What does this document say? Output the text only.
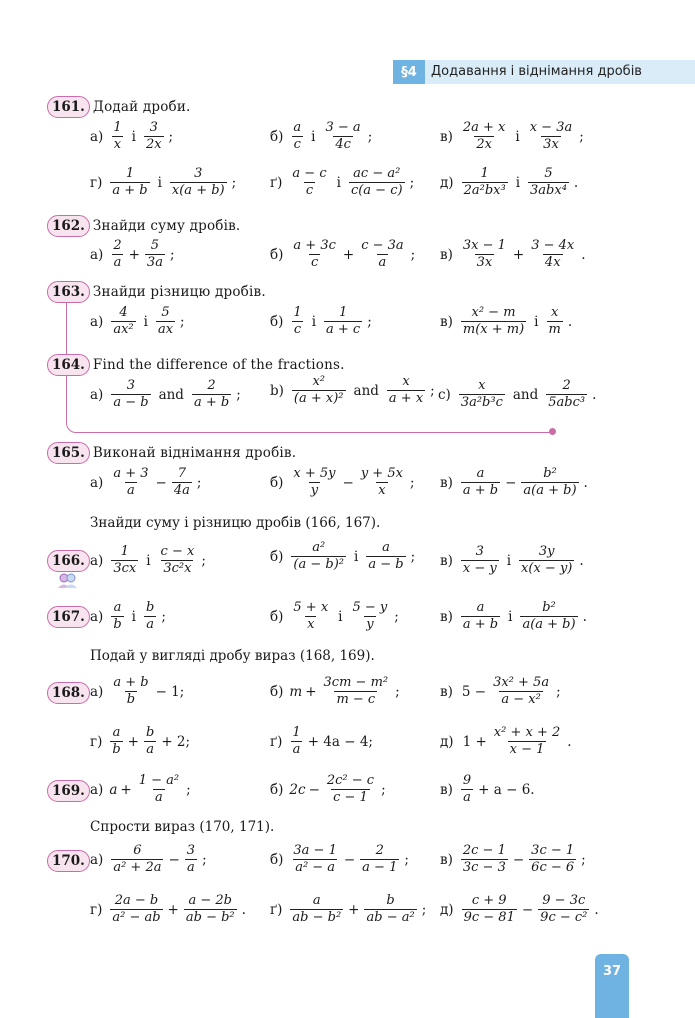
§4	Додавання і віднімання дробів
161. Додай дроби.
$а) \frac{1}{x}$ і $\frac{3}{2x}$ ;	$б) \frac{a}{c}$ і $\frac{3 - a}{4c}$ ;	$в) \frac{2a + x}{2x}$ і $\frac{x - 3a}{3x}$ ;
$г) \frac{1}{a + b}$ і $\frac{3}{x(a + b)}$ ;	$ґ) \frac{a - c}{c}$ і $\frac{\text{ac − a²}}{c(a - c)}$ ; $д) \frac{1}{\text{2a²bx³}}$ і $\frac{5}{\text{3abx⁴}}$ .
162. Знайди суму дробів.
$а) \frac{2}{a} + \frac{5}{3a}$ ;	$б) \frac{a + 3c}{c} + \frac{c - 3a}{a}$ ; $в) \frac{3x - 1}{3x} + \frac{3 - 4x}{4x}$ .
163. Знайди різницю дробів.
$а) \frac{4}{\text{ax²}}$ і $\frac{5}{ax}$ ;	$б) \frac{1}{c}$ і $\frac{1}{a + c}$ ;	$в) \frac{\text{x² − m}}{m(x + m)}$ і $\frac{x}{m}$ .
164. Find the difference of the fractions.
$а) \frac{3}{a - b}$ and $\frac{2}{a + b}$ ; $b) \frac{\text{x²}}{\text{(a + x)²}}$ and $\frac{x}{a + x}$ ; $c) \frac{x}{\text{3a²b³c}}$ and $\frac{2}{\text{5abc³}}$ .
165. Виконай віднімання дробів.
$а) \frac{a + 3}{a} - \frac{7}{4a}$ ;	$б) \frac{x + 5y}{y} - \frac{y + 5x}{x}$ ; $в) \frac{a}{a + b} - \frac{\text{b²}}{a(a + b)}$ .
Знайди суму і різницю дробів (166, 167).
166. $а) \frac{1}{3cx}$ і $\frac{c - x}{\text{3c²x}}$ ;	$б) \frac{\text{a²}}{\text{(a − b)²}}$ і $\frac{a}{a - b}$ ; $в) \frac{3}{x - y}$ і $\frac{3y}{x(x - y)}$ .
167. $а) \frac{a}{b}$ і $\frac{b}{a}$ ;	$б) \frac{5 + x}{x}$ і $\frac{5 - y}{y}$ ;	$в) \frac{a}{a + b}$ і $\frac{\text{b²}}{a(a + b)}$ .
Подай у вигляді дробу вираз (168, 169).
168. $а) \frac{a + b}{b} - 1$;	б) $m + \frac{\text{3cm − m²}}{m - c}$ ;	в) $5 - \frac{\text{3x² + 5a}}{\text{a − x²}}$ ;
$г) \frac{a}{b} + \frac{b}{a} + 2$;	$ґ) \frac{1}{a} + 4a - 4$;	д) $1 + \frac{\text{x² + x + 2}}{x - 1}$ .
169. а) $a + \frac{\text{1 − a²}}{a}$ ;	б) $2c - \frac{\text{2c² − c}}{c - 1}$ ;	$в) \frac{9}{a} + a - 6$.
Спрости вираз (170, 171).
170. $а) \frac{6}{\text{a² + 2a}} - \frac{3}{a}$ ;	$б) \frac{3a - 1}{\text{a² − a}} - \frac{2}{a - 1}$ ; $в) \frac{2c - 1}{3c - 3} - \frac{3c - 1}{6c - 6}$ ;
$г) \frac{2a - b}{\text{a² − ab}} + \frac{a - 2b}{\text{ab − b²}}$ . $ґ) \frac{a}{\text{ab − b²}} + \frac{b}{\text{ab − a²}}$ ; $д) \frac{c + 9}{9c - 81} - \frac{9 - 3c}{\text{9c − c²}}$ .
37
